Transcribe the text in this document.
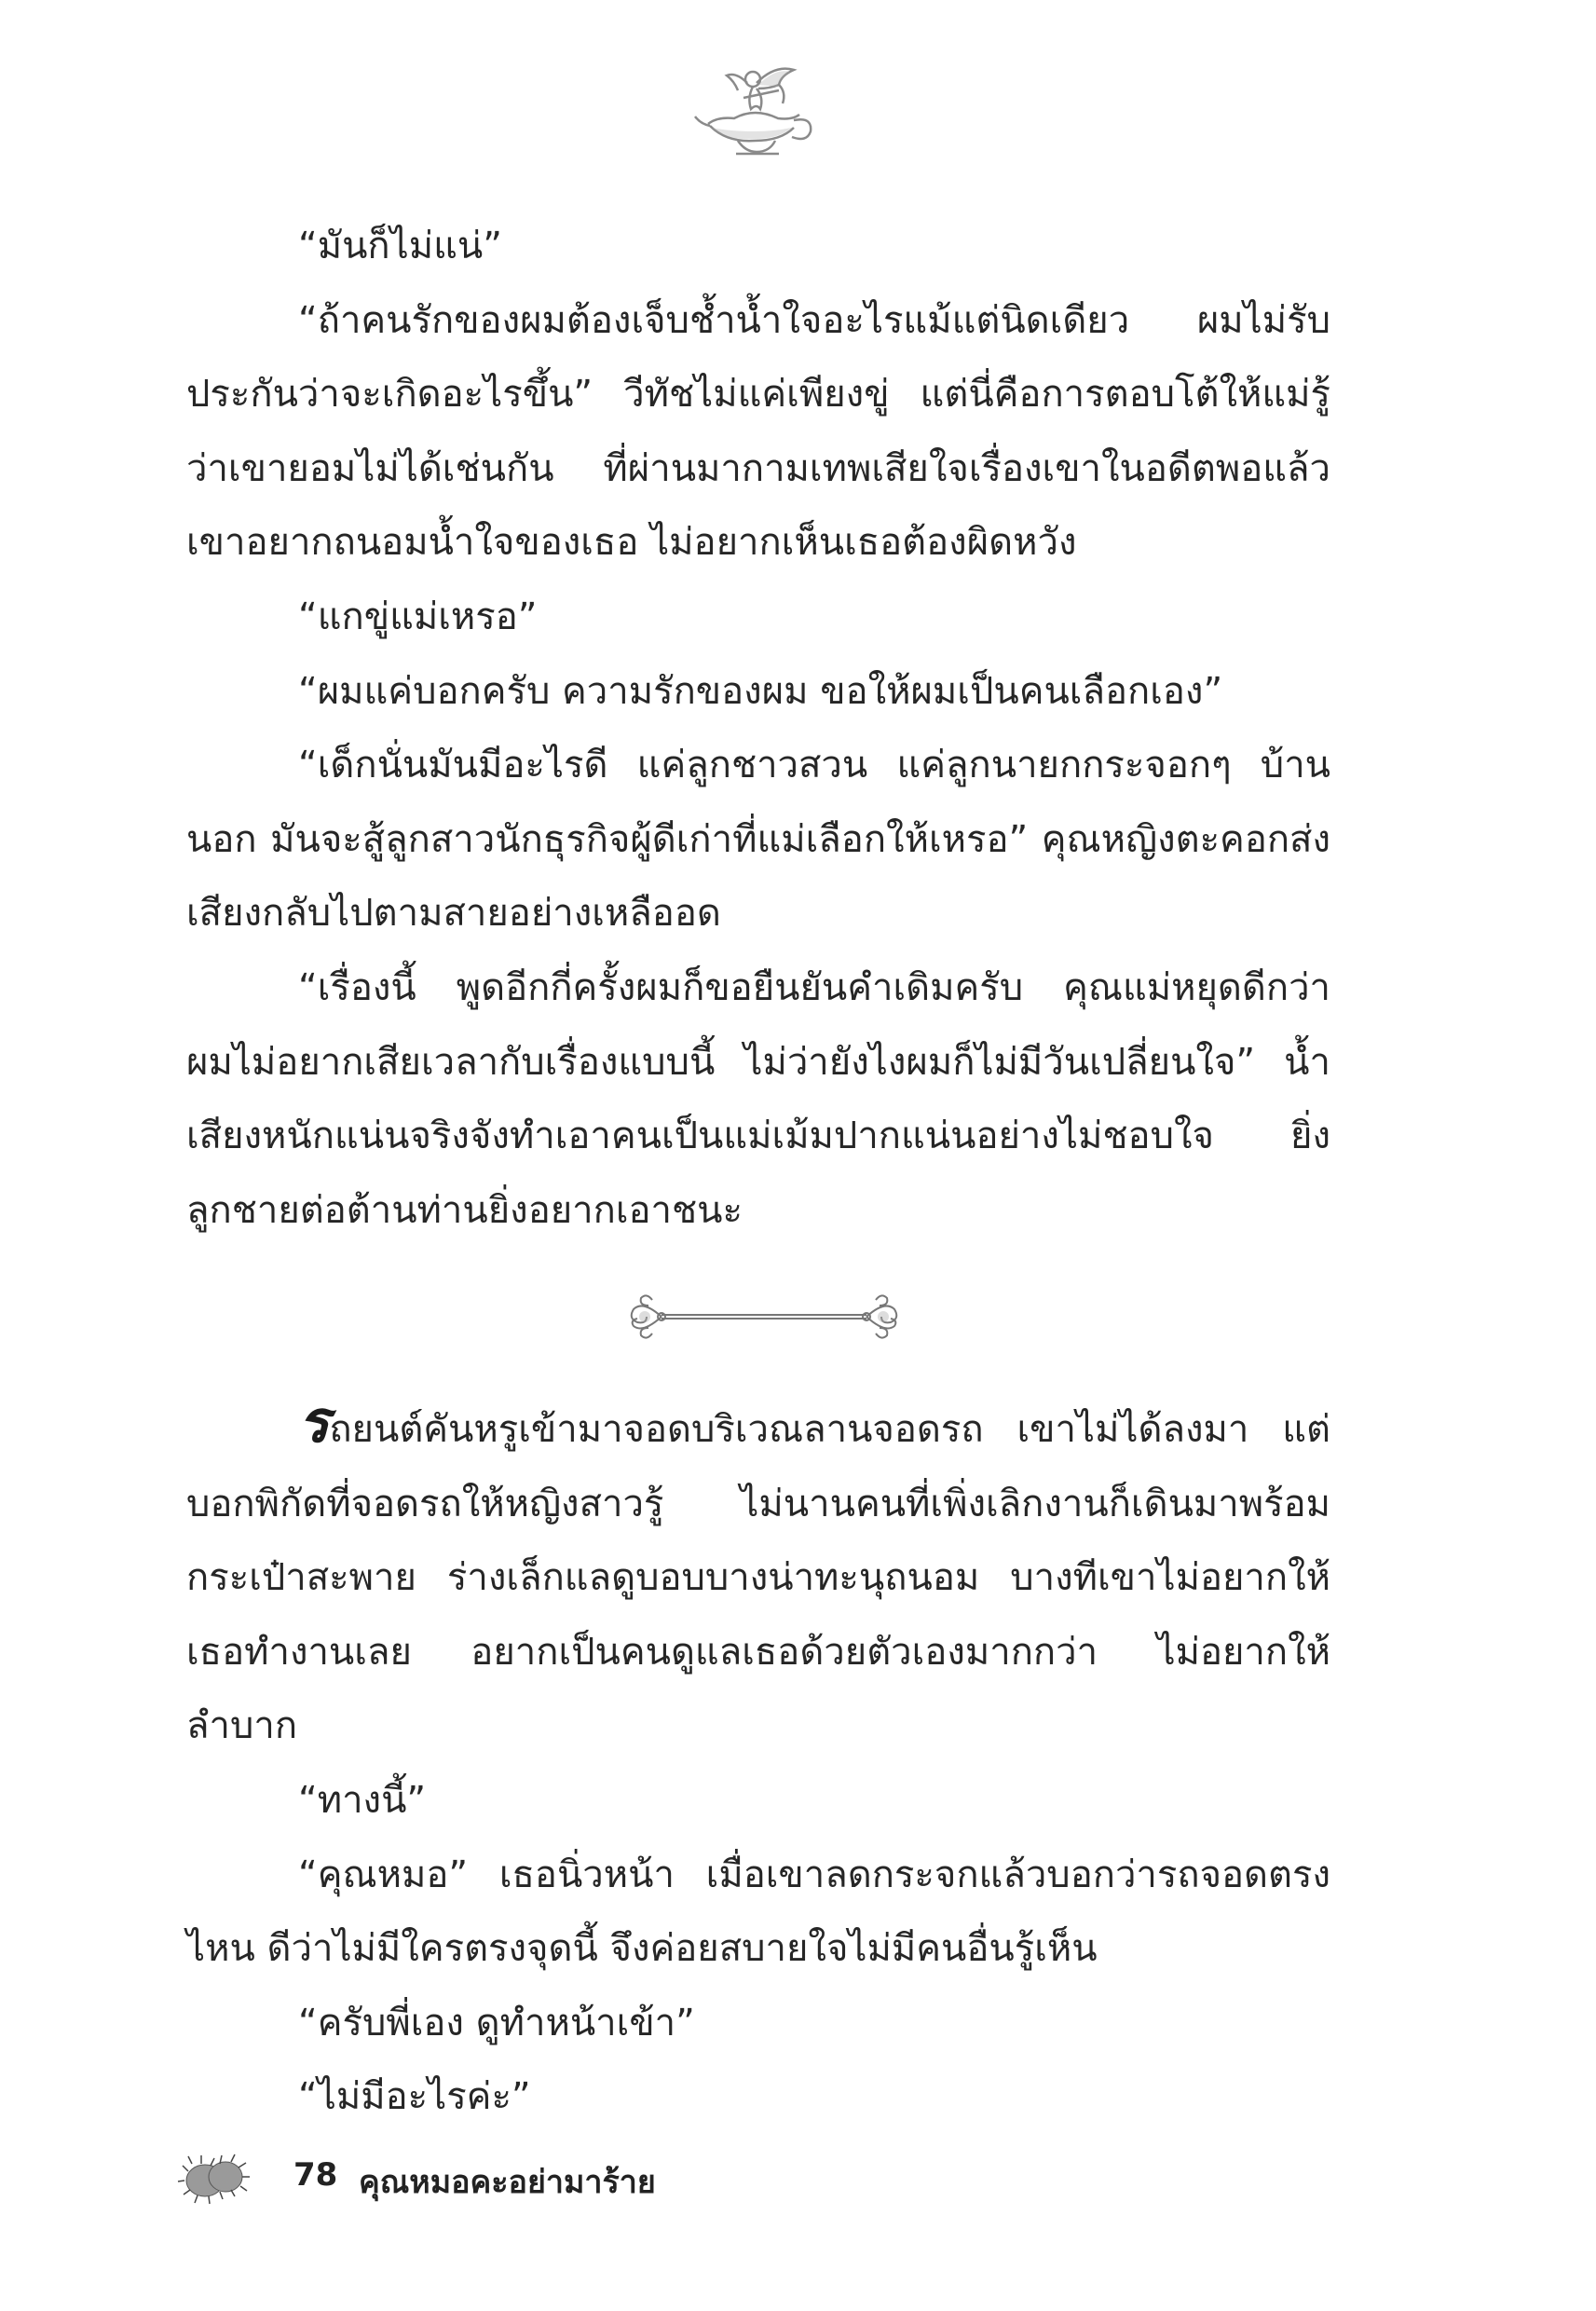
“มันก็ไม่แน่”

“ถ้าคนรักของผมต้องเจ็บช้ำน้ำใจอะไรแม้แต่นิดเดียว ผมไม่รับประกันว่าจะเกิดอะไรขึ้น” วีทัชไม่แค่เพียงขู่ แต่นี่คือการตอบโต้ให้แม่รู้ว่าเขายอมไม่ได้เช่นกัน ที่ผ่านมากามเทพเสียใจเรื่องเขาในอดีตพอแล้ว เขาอยากถนอมน้ำใจของเธอ ไม่อยากเห็นเธอต้องผิดหวัง

“แกขู่แม่เหรอ”

“ผมแค่บอกครับ ความรักของผม ขอให้ผมเป็นคนเลือกเอง”

“เด็กนั่นมันมีอะไรดี แค่ลูกชาวสวน แค่ลูกนายกกระจอกๆ บ้านนอก มันจะสู้ลูกสาวนักธุรกิจผู้ดีเก่าที่แม่เลือกให้เหรอ” คุณหญิงตะคอกส่งเสียงกลับไปตามสายอย่างเหลืออด

“เรื่องนี้ พูดอีกกี่ครั้งผมก็ขอยืนยันคำเดิมครับ คุณแม่หยุดดีกว่า ผมไม่อยากเสียเวลากับเรื่องแบบนี้ ไม่ว่ายังไงผมก็ไม่มีวันเปลี่ยนใจ” น้ำเสียงหนักแน่นจริงจังทำเอาคนเป็นแม่เม้มปากแน่นอย่างไม่ชอบใจ ยิ่งลูกชายต่อต้านท่านยิ่งอยากเอาชนะ

รถยนต์คันหรูเข้ามาจอดบริเวณลานจอดรถ เขาไม่ได้ลงมา แต่บอกพิกัดที่จอดรถให้หญิงสาวรู้ ไม่นานคนที่เพิ่งเลิกงานก็เดินมาพร้อมกระเป๋าสะพาย ร่างเล็กแลดูบอบบางน่าทะนุถนอม บางทีเขาไม่อยากให้เธอทำงานเลย อยากเป็นคนดูแลเธอด้วยตัวเองมากกว่า ไม่อยากให้ลำบาก

“ทางนี้”

“คุณหมอ” เธอนิ่วหน้า เมื่อเขาลดกระจกแล้วบอกว่ารถจอดตรงไหน ดีว่าไม่มีใครตรงจุดนี้ จึงค่อยสบายใจไม่มีคนอื่นรู้เห็น

“ครับพี่เอง ดูทำหน้าเข้า”

“ไม่มีอะไรค่ะ”

78 คุณหมอคะอย่ามาร้าย
